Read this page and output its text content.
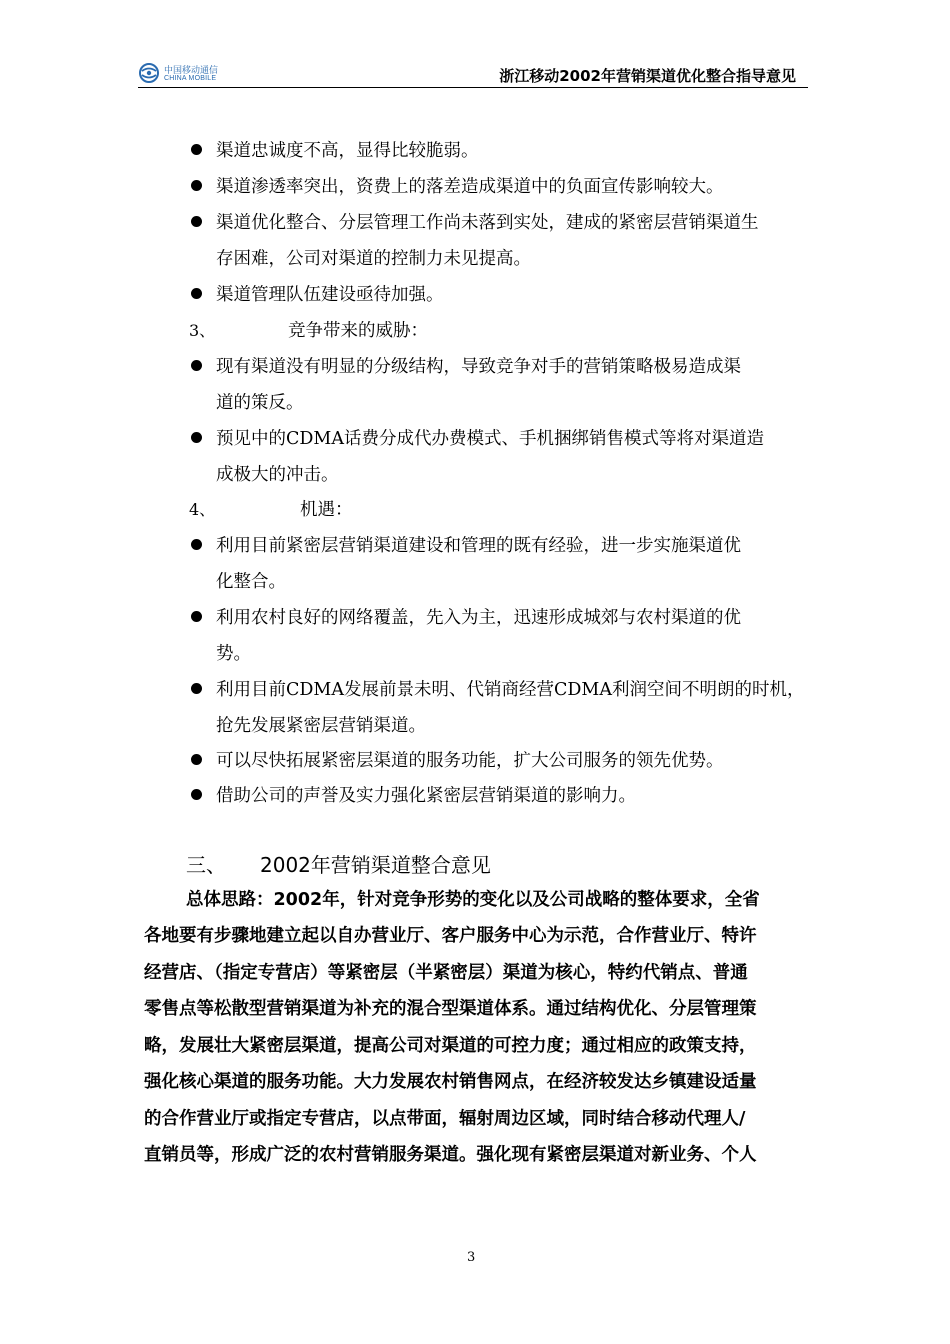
中国移动通信
CHINA MOBILE	浙江移动2002年营销渠道优化整合指导意见
渠道忠诚度不高，显得比较脆弱。
渠道渗透率突出，资费上的落差造成渠道中的负面宣传影响较大。
渠道优化整合、分层管理工作尚未落到实处，建成的紧密层营销渠道生
存困难，公司对渠道的控制力未见提高。
渠道管理队伍建设亟待加强。
3、	竞争带来的威胁：
现有渠道没有明显的分级结构，导致竞争对手的营销策略极易造成渠
道的策反。
预见中的CDMA话费分成代办费模式、手机捆绑销售模式等将对渠道造
成极大的冲击。
4、	机遇：
利用目前紧密层营销渠道建设和管理的既有经验，进一步实施渠道优
化整合。
利用农村良好的网络覆盖，先入为主，迅速形成城郊与农村渠道的优
势。
利用目前CDMA发展前景未明、代销商经营CDMA利润空间不明朗的时机，
抢先发展紧密层营销渠道。
可以尽快拓展紧密层渠道的服务功能，扩大公司服务的领先优势。
借助公司的声誉及实力强化紧密层营销渠道的影响力。
三、 2002年营销渠道整合意见
总体思路：2002年，针对竞争形势的变化以及公司战略的整体要求，全省
各地要有步骤地建立起以自办营业厅、客户服务中心为示范，合作营业厅、特许
经营店、（指定专营店）等紧密层（半紧密层）渠道为核心，特约代销点、普通
零售点等松散型营销渠道为补充的混合型渠道体系。通过结构优化、分层管理策
略，发展壮大紧密层渠道，提高公司对渠道的可控力度；通过相应的政策支持，
强化核心渠道的服务功能。大力发展农村销售网点，在经济较发达乡镇建设适量
的合作营业厅或指定专营店，以点带面，辐射周边区域，同时结合移动代理人/
直销员等，形成广泛的农村营销服务渠道。强化现有紧密层渠道对新业务、个人
3
